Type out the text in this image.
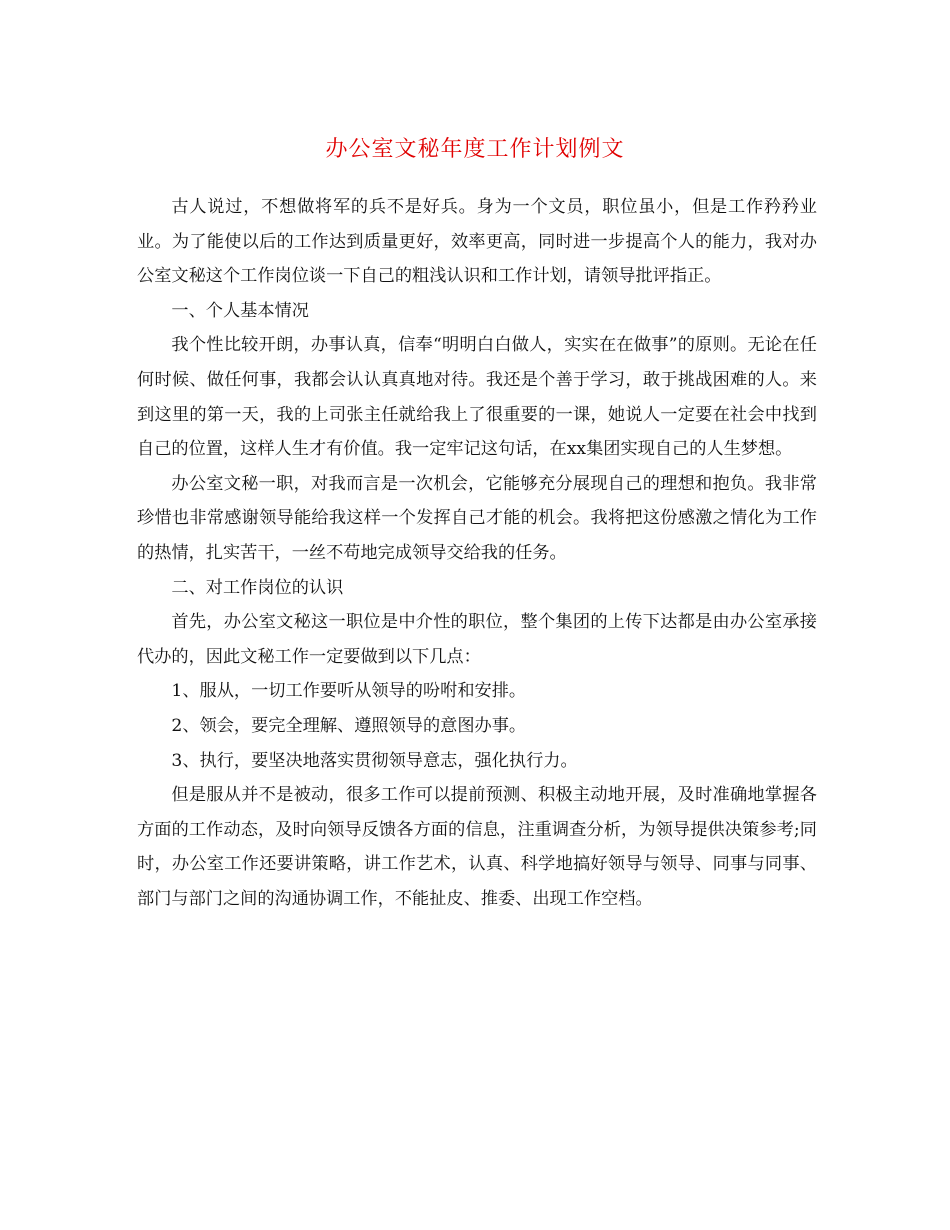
办公室文秘年度工作计划例文

古人说过，不想做将军的兵不是好兵。身为一个文员，职位虽小，但是工作矜矜业业。为了能使以后的工作达到质量更好，效率更高，同时进一步提高个人的能力，我对办公室文秘这个工作岗位谈一下自己的粗浅认识和工作计划，请领导批评指正。

一、个人基本情况

我个性比较开朗，办事认真，信奉“明明白白做人，实实在在做事”的原则。无论在任何时候、做任何事，我都会认认真真地对待。我还是个善于学习，敢于挑战困难的人。来到这里的第一天，我的上司张主任就给我上了很重要的一课，她说人一定要在社会中找到自己的位置，这样人生才有价值。我一定牢记这句话，在xx集团实现自己的人生梦想。

办公室文秘一职，对我而言是一次机会，它能够充分展现自己的理想和抱负。我非常珍惜也非常感谢领导能给我这样一个发挥自己才能的机会。我将把这份感激之情化为工作的热情，扎实苦干，一丝不苟地完成领导交给我的任务。

二、对工作岗位的认识

首先，办公室文秘这一职位是中介性的职位，整个集团的上传下达都是由办公室承接代办的，因此文秘工作一定要做到以下几点：

1、服从，一切工作要听从领导的吩咐和安排。

2、领会，要完全理解、遵照领导的意图办事。

3、执行，要坚决地落实贯彻领导意志，强化执行力。

但是服从并不是被动，很多工作可以提前预测、积极主动地开展，及时准确地掌握各方面的工作动态，及时向领导反馈各方面的信息，注重调查分析，为领导提供决策参考;同时，办公室工作还要讲策略，讲工作艺术，认真、科学地搞好领导与领导、同事与同事、部门与部门之间的沟通协调工作，不能扯皮、推委、出现工作空档。
